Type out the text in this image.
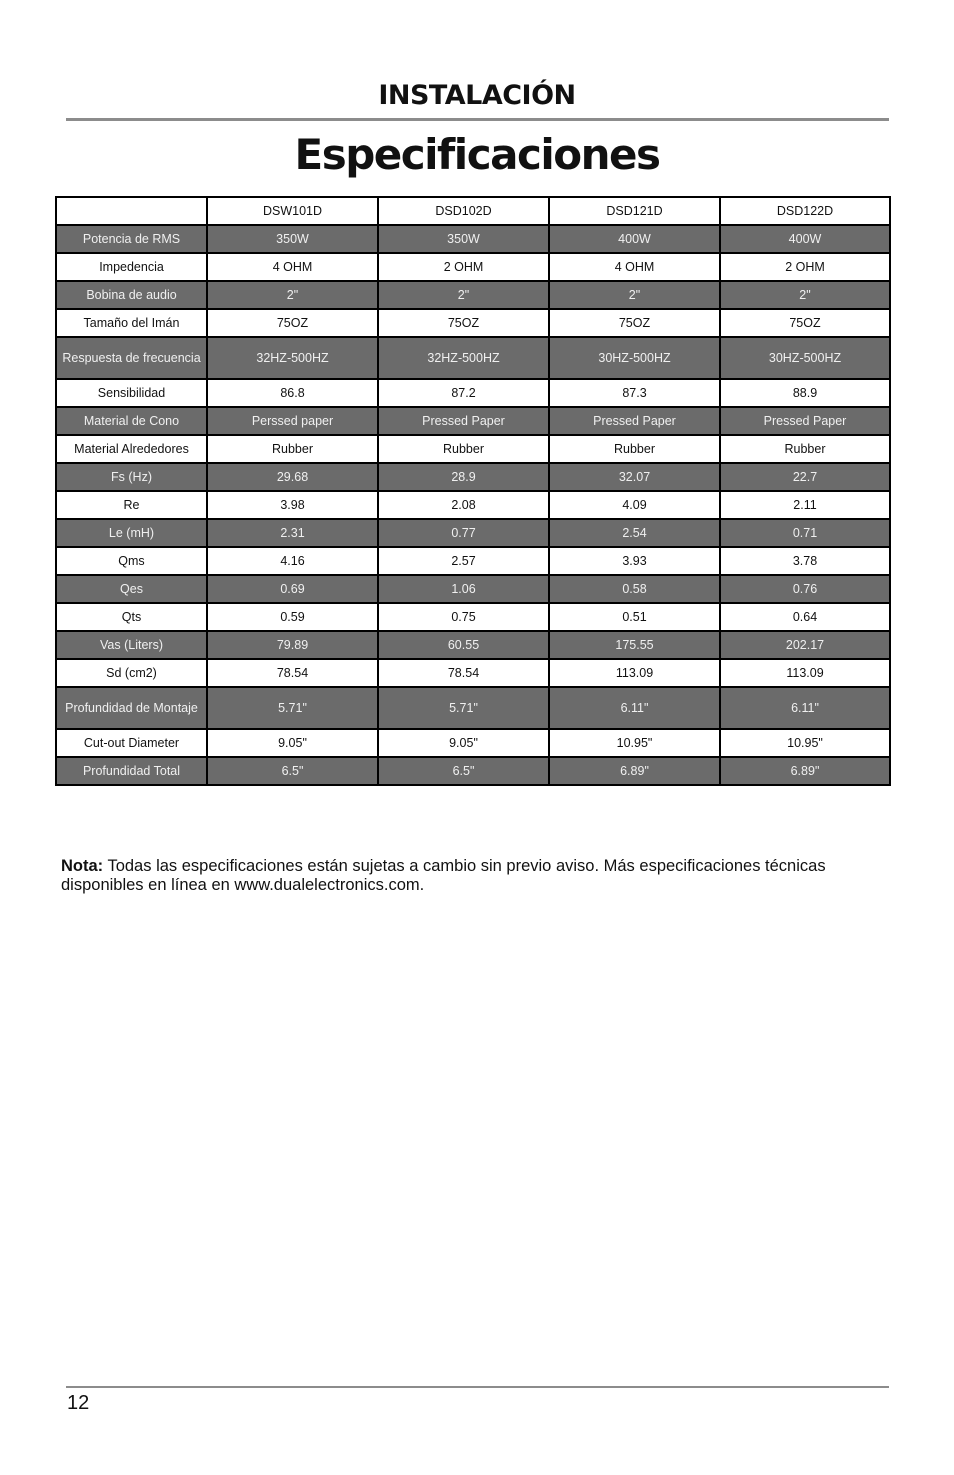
INSTALACIÓN
Especificaciones
	DSW101D	DSD102D	DSD121D	DSD122D
Potencia de RMS	350W	350W	400W	400W
Impedencia	4 OHM	2 OHM	4 OHM	2 OHM
Bobina de audio	2"	2"	2"	2"
Tamaño del Imán	75OZ	75OZ	75OZ	75OZ
Respuesta de frecuencia	32HZ-500HZ	32HZ-500HZ	30HZ-500HZ	30HZ-500HZ
Sensibilidad	86.8	87.2	87.3	88.9
Material de Cono	Perssed paper	Pressed Paper	Pressed Paper	Pressed Paper
Material Alrededores	Rubber	Rubber	Rubber	Rubber
Fs (Hz)	29.68	28.9	32.07	22.7
Re	3.98	2.08	4.09	2.11
Le (mH)	2.31	0.77	2.54	0.71
Qms	4.16	2.57	3.93	3.78
Qes	0.69	1.06	0.58	0.76
Qts	0.59	0.75	0.51	0.64
Vas (Liters)	79.89	60.55	175.55	202.17
Sd (cm2)	78.54	78.54	113.09	113.09
Profundidad de Montaje	5.71"	5.71"	6.11"	6.11"
Cut-out Diameter	9.05"	9.05"	10.95"	10.95"
Profundidad Total	6.5"	6.5"	6.89"	6.89"
Nota: Todas las especificaciones están sujetas a cambio sin previo aviso. Más especificaciones técnicas disponibles en línea en www.dualelectronics.com.
12
